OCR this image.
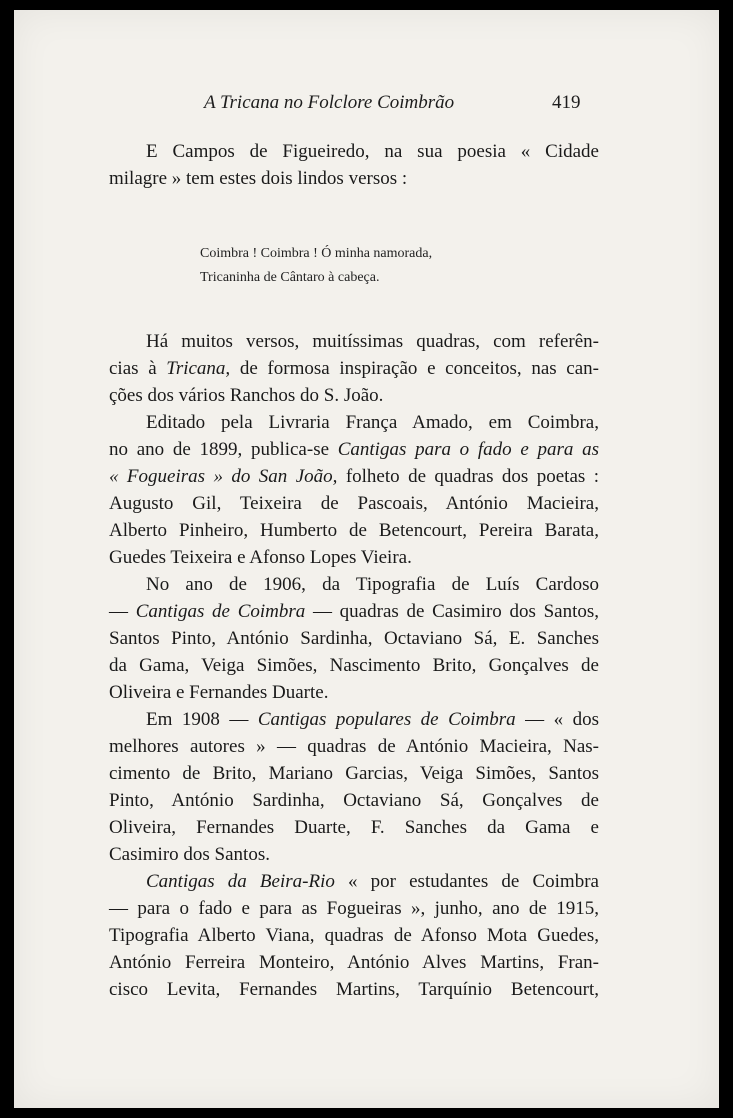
A Tricana no Folclore Coimbrão	419
E Campos de Figueiredo, na sua poesia « Cidade
milagre » tem estes dois lindos versos :
Coimbra ! Coimbra ! Ó minha namorada,
Tricaninha de Cântaro à cabeça.
Há muitos versos, muitíssimas quadras, com referên-
cias à Tricana, de formosa inspiração e conceitos, nas can-
ções dos vários Ranchos do S. João.
Editado pela Livraria França Amado, em Coimbra,
no ano de 1899, publica-se Cantigas para o fado e para as
« Fogueiras » do San João, folheto de quadras dos poetas :
Augusto Gil, Teixeira de Pascoais, António Macieira,
Alberto Pinheiro, Humberto de Betencourt, Pereira Barata,
Guedes Teixeira e Afonso Lopes Vieira.
No ano de 1906, da Tipografia de Luís Cardoso
— Cantigas de Coimbra — quadras de Casimiro dos Santos,
Santos Pinto, António Sardinha, Octaviano Sá, E. Sanches
da Gama, Veiga Simões, Nascimento Brito, Gonçalves de
Oliveira e Fernandes Duarte.
Em 1908 — Cantigas populares de Coimbra — « dos
melhores autores » — quadras de António Macieira, Nas-
cimento de Brito, Mariano Garcias, Veiga Simões, Santos
Pinto, António Sardinha, Octaviano Sá, Gonçalves de
Oliveira, Fernandes Duarte, F. Sanches da Gama e
Casimiro dos Santos.
Cantigas da Beira-Rio « por estudantes de Coimbra
— para o fado e para as Fogueiras », junho, ano de 1915,
Tipografia Alberto Viana, quadras de Afonso Mota Guedes,
António Ferreira Monteiro, António Alves Martins, Fran-
cisco Levita, Fernandes Martins, Tarquínio Betencourt,
